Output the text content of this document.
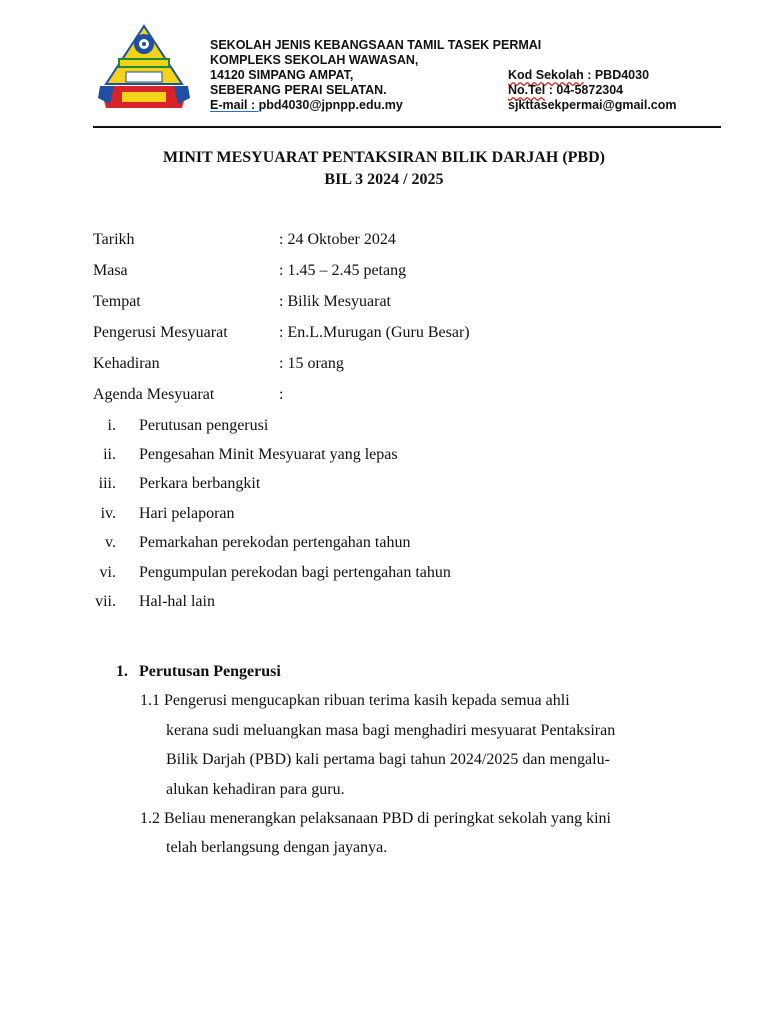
SEKOLAH JENIS KEBANGSAAN TAMIL TASEK PERMAI
KOMPLEKS SEKOLAH WAWASAN,
14120 SIMPANG AMPAT,
SEBERANG PERAI SELATAN.
E-mail : pbd4030@jpnpp.edu.my
Kod Sekolah : PBD4030
No.Tel : 04-5872304
sjkttasekpermai@gmail.com
MINIT MESYUARAT PENTAKSIRAN BILIK DARJAH (PBD)
BIL 3 2024 / 2025
Tarikh	: 24 Oktober 2024
Masa	: 1.45 – 2.45 petang
Tempat	: Bilik Mesyuarat
Pengerusi Mesyuarat	: En.L.Murugan (Guru Besar)
Kehadiran	: 15 orang
Agenda Mesyuarat	:
i. Perutusan pengerusi
ii. Pengesahan Minit Mesyuarat yang lepas
iii. Perkara berbangkit
iv. Hari pelaporan
v. Pemarkahan perekodan pertengahan tahun
vi. Pengumpulan perekodan bagi pertengahan tahun
vii. Hal-hal lain
1. Perutusan Pengerusi
1.1 Pengerusi mengucapkan ribuan terima kasih kepada semua ahli
kerana sudi meluangkan masa bagi menghadiri mesyuarat Pentaksiran
Bilik Darjah (PBD) kali pertama bagi tahun 2024/2025 dan mengalu-
alukan kehadiran para guru.
1.2 Beliau menerangkan pelaksanaan PBD di peringkat sekolah yang kini
telah berlangsung dengan jayanya.
